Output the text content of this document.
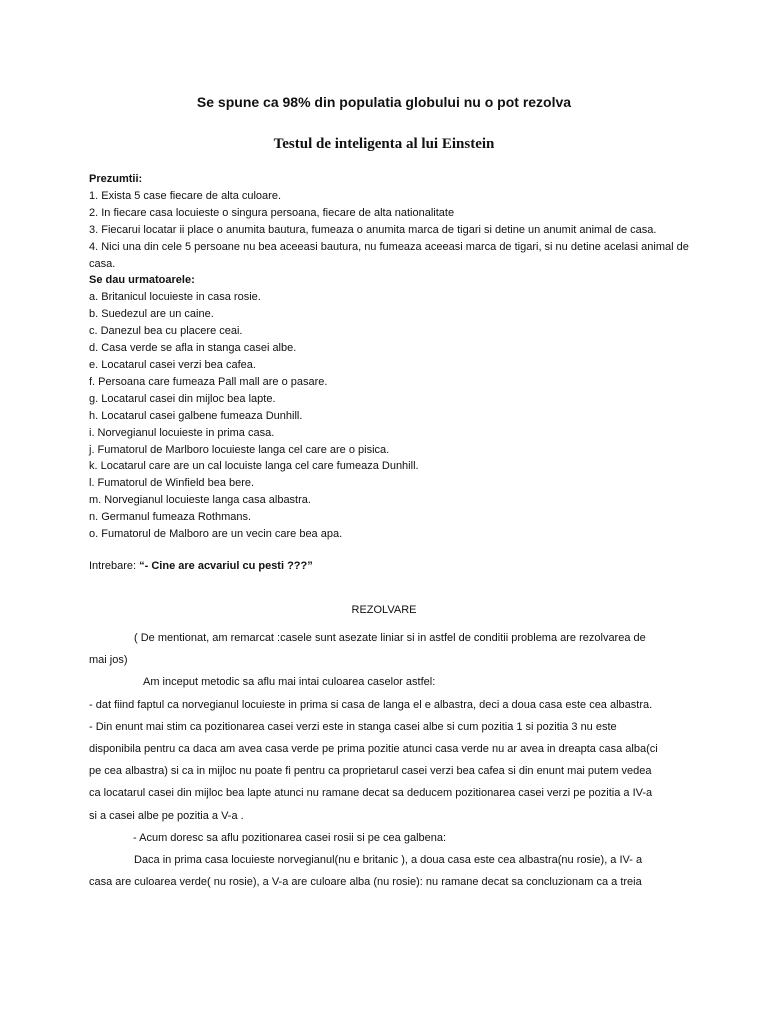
Se spune ca 98% din populatia globului nu o pot rezolva
Testul de inteligenta al lui Einstein

Prezumtii:

1. Exista 5 case fiecare de alta culoare.

2. In fiecare casa locuieste o singura persoana, fiecare de alta nationalitate

3. Fiecarui locatar ii place o anumita bautura, fumeaza o anumita marca de tigari si detine un anumit animal de casa.

4. Nici una din cele 5 persoane nu bea aceeasi bautura, nu fumeaza aceeasi marca de tigari, si nu detine acelasi animal de casa.

Se dau urmatoarele:

a. Britanicul locuieste in casa rosie.

b. Suedezul are un caine.

c. Danezul bea cu placere ceai.

d. Casa verde se afla in stanga casei albe.

e. Locatarul casei verzi bea cafea.

f. Persoana care fumeaza Pall mall are o pasare.

g. Locatarul casei din mijloc bea lapte.

h. Locatarul casei galbene fumeaza Dunhill.

i. Norvegianul locuieste in prima casa.

j. Fumatorul de Marlboro locuieste langa cel care are o pisica.

k. Locatarul care are un cal locuiste langa cel care fumeaza Dunhill.

l. Fumatorul de Winfield bea bere.

m. Norvegianul locuieste langa casa albastra.

n. Germanul fumeaza Rothmans.

o. Fumatorul de Malboro are un vecin care bea apa.

Intrebare: “- Cine are acvariul cu pesti ???”

REZOLVARE

( De mentionat, am remarcat :casele sunt asezate liniar si in astfel de conditii problema are rezolvarea de

mai jos)

Am inceput metodic sa aflu mai intai culoarea caselor astfel:

- dat fiind faptul ca norvegianul locuieste in prima si casa de langa el e albastra, deci a doua casa este cea albastra.

- Din enunt mai stim ca pozitionarea casei verzi este in stanga casei albe si cum pozitia 1 si pozitia 3 nu este

disponibila pentru ca daca am avea casa verde pe prima pozitie atunci casa verde nu ar avea in dreapta casa alba(ci

pe cea albastra) si ca in mijloc nu poate fi pentru ca proprietarul casei verzi bea cafea si din enunt mai putem vedea

ca locatarul casei din mijloc bea lapte atunci nu ramane decat sa deducem pozitionarea casei verzi pe pozitia a IV-a

si a casei albe pe pozitia a V-a .

- Acum doresc sa aflu pozitionarea casei rosii si pe cea galbena:

Daca in prima casa locuieste norvegianul(nu e britanic ), a doua casa este cea albastra(nu rosie), a IV- a

casa are culoarea verde( nu rosie), a V-a are culoare alba (nu rosie): nu ramane decat sa concluzionam ca a treia
